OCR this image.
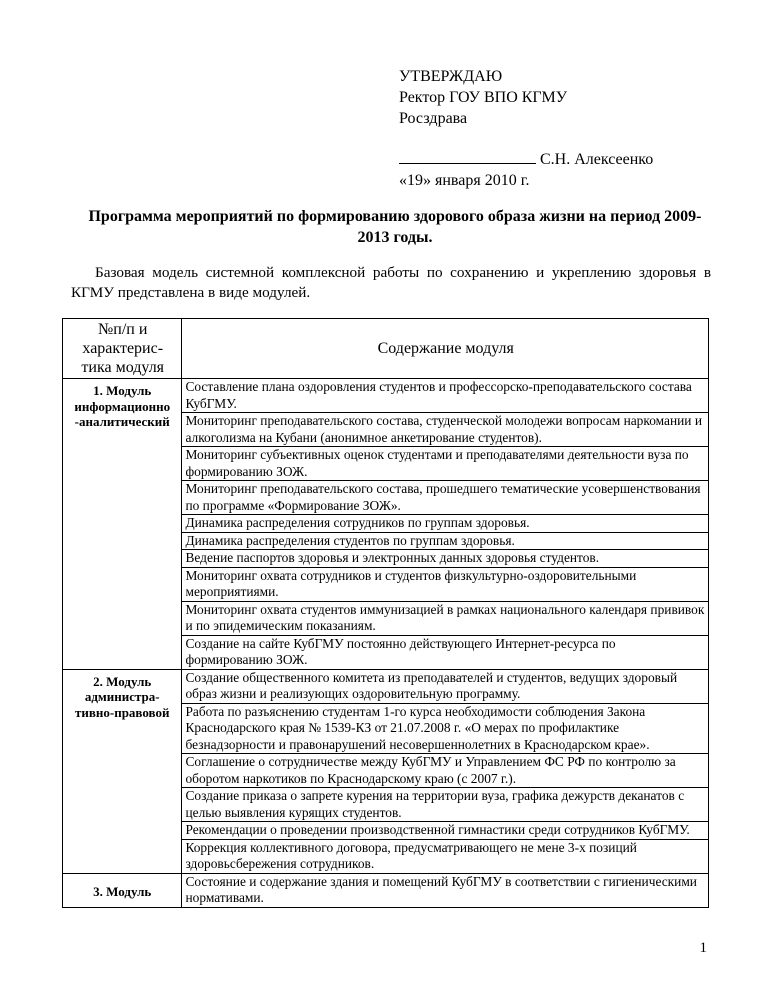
УТВЕРЖДАЮ
Ректор ГОУ ВПО КГМУ
Росздрава
С.Н. Алексеенко
«19» января 2010 г.
Программа мероприятий по формированию здорового образа жизни на период 2009-2013 годы.
Базовая модель системной комплексной работы по сохранению и укреплению здоровья в КГМУ представлена в виде модулей.
№п/п и
характерис-
тика модуля	Содержание модуля
1. Модуль
информационно
-аналитический	Составление плана оздоровления студентов и профессорско-преподавательского состава КубГМУ.
	Мониторинг преподавательского состава, студенческой молодежи вопросам наркомании и алкоголизма на Кубани (анонимное анкетирование студентов).
	Мониторинг субъективных оценок студентами и преподавателями деятельности вуза по формированию ЗОЖ.
	Мониторинг преподавательского состава, прошедшего тематические усовершенствования по программе «Формирование ЗОЖ».
	Динамика распределения сотрудников по группам здоровья.
	Динамика распределения студентов по группам здоровья.
	Ведение паспортов здоровья и электронных данных здоровья студентов.
	Мониторинг охвата сотрудников и студентов физкультурно-оздоровительными мероприятиями.
	Мониторинг охвата студентов иммунизацией в рамках национального календаря прививок и по эпидемическим показаниям.
	Создание на сайте КубГМУ постоянно действующего Интернет-ресурса по формированию ЗОЖ.
2. Модуль
администра-
тивно-правовой	Создание общественного комитета из преподавателей и студентов, ведущих здоровый образ жизни и реализующих оздоровительную программу.
	Работа по разъяснению студентам 1-го курса необходимости соблюдения Закона Краснодарского края № 1539-КЗ от 21.07.2008 г. «О мерах по профилактике безнадзорности и правонарушений несовершеннолетних в Краснодарском крае».
	Соглашение о сотрудничестве между КубГМУ и Управлением ФС РФ по контролю за оборотом наркотиков по Краснодарскому краю (с 2007 г.).
	Создание приказа о запрете курения на территории вуза, графика дежурств деканатов с целью выявления курящих студентов.
	Рекомендации о проведении производственной гимнастики среди сотрудников КубГМУ.
	Коррекция коллективного договора, предусматривающего не мене 3-х позиций здоровьсбережения сотрудников.
3. Модуль	Состояние и содержание здания и помещений КубГМУ в соответствии с гигиеническими нормативами.
1
